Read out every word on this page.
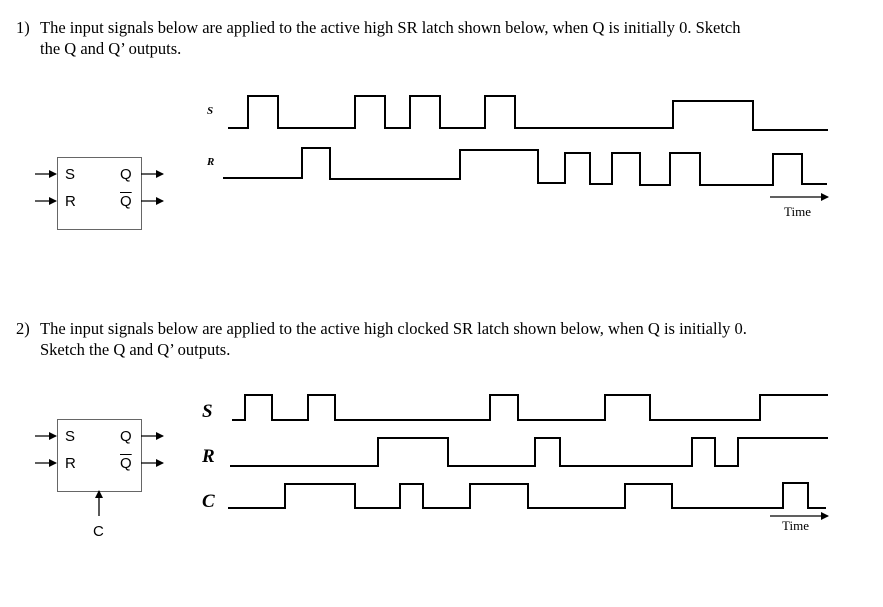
1) The input signals below are applied to the active high SR latch shown below, when Q is initially 0. Sketch
the Q and Q’ outputs.
S
R
Q
$\overline{Q}$
S
R
Time
2) The input signals below are applied to the active high clocked SR latch shown below, when Q is initially 0.
Sketch the Q and Q’ outputs.
S
R
Q
$\overline{Q}$
C
S
R
C
Time
